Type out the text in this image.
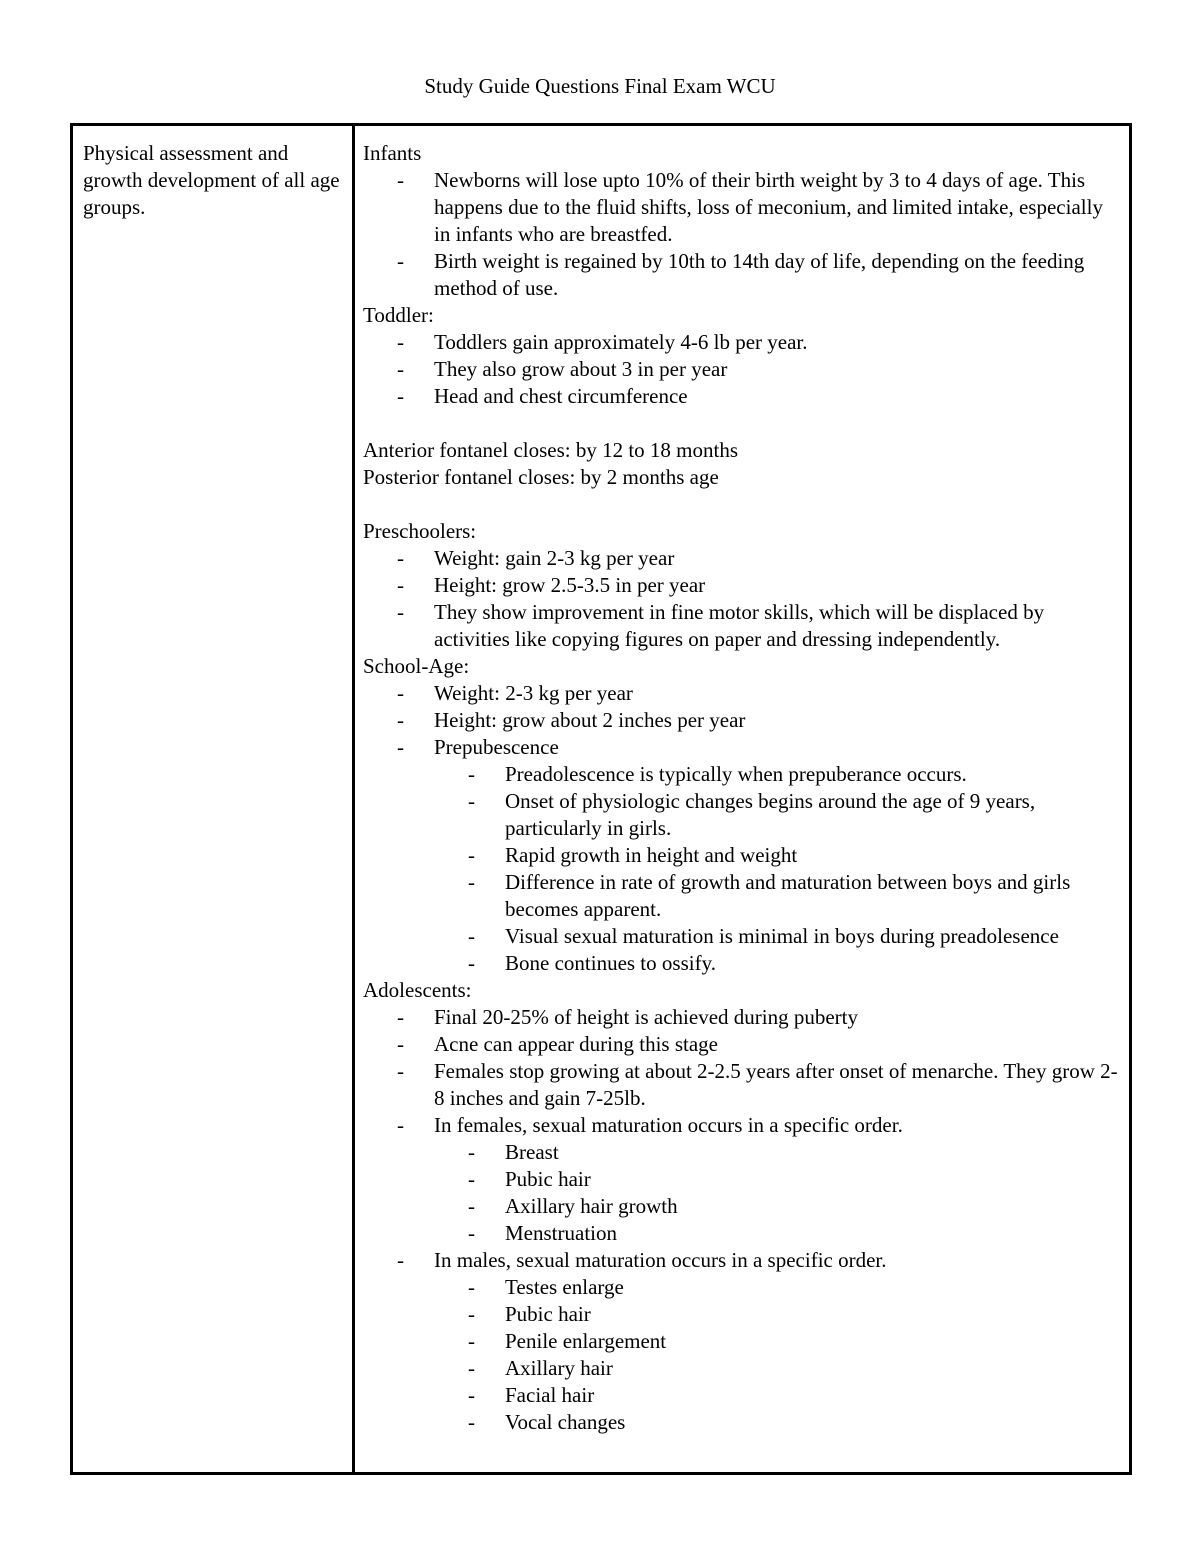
Study Guide Questions Final Exam WCU
Physical assessment and growth development of all age groups.
Infants
-	Newborns will lose upto 10% of their birth weight by 3 to 4 days of age. This happens due to the fluid shifts, loss of meconium, and limited intake, especially in infants who are breastfed.
-	Birth weight is regained by 10th to 14th day of life, depending on the feeding method of use.
Toddler:
-	Toddlers gain approximately 4-6 lb per year.
-	They also grow about 3 in per year
-	Head and chest circumference
Anterior fontanel closes: by 12 to 18 months
Posterior fontanel closes: by 2 months age
Preschoolers:
-	Weight: gain 2-3 kg per year
-	Height: grow 2.5-3.5 in per year
-	They show improvement in fine motor skills, which will be displaced by activities like copying figures on paper and dressing independently.
School-Age:
-	Weight: 2-3 kg per year
-	Height: grow about 2 inches per year
-	Prepubescence
-	Preadolescence is typically when prepuberance occurs.
-	Onset of physiologic changes begins around the age of 9 years, particularly in girls.
-	Rapid growth in height and weight
-	Difference in rate of growth and maturation between boys and girls becomes apparent.
-	Visual sexual maturation is minimal in boys during preadolesence
-	Bone continues to ossify.
Adolescents:
-	Final 20-25% of height is achieved during puberty
-	Acne can appear during this stage
-	Females stop growing at about 2-2.5 years after onset of menarche. They grow 2-8 inches and gain 7-25lb.
-	In females, sexual maturation occurs in a specific order.
-	Breast
-	Pubic hair
-	Axillary hair growth
-	Menstruation
-	In males, sexual maturation occurs in a specific order.
-	Testes enlarge
-	Pubic hair
-	Penile enlargement
-	Axillary hair
-	Facial hair
-	Vocal changes
